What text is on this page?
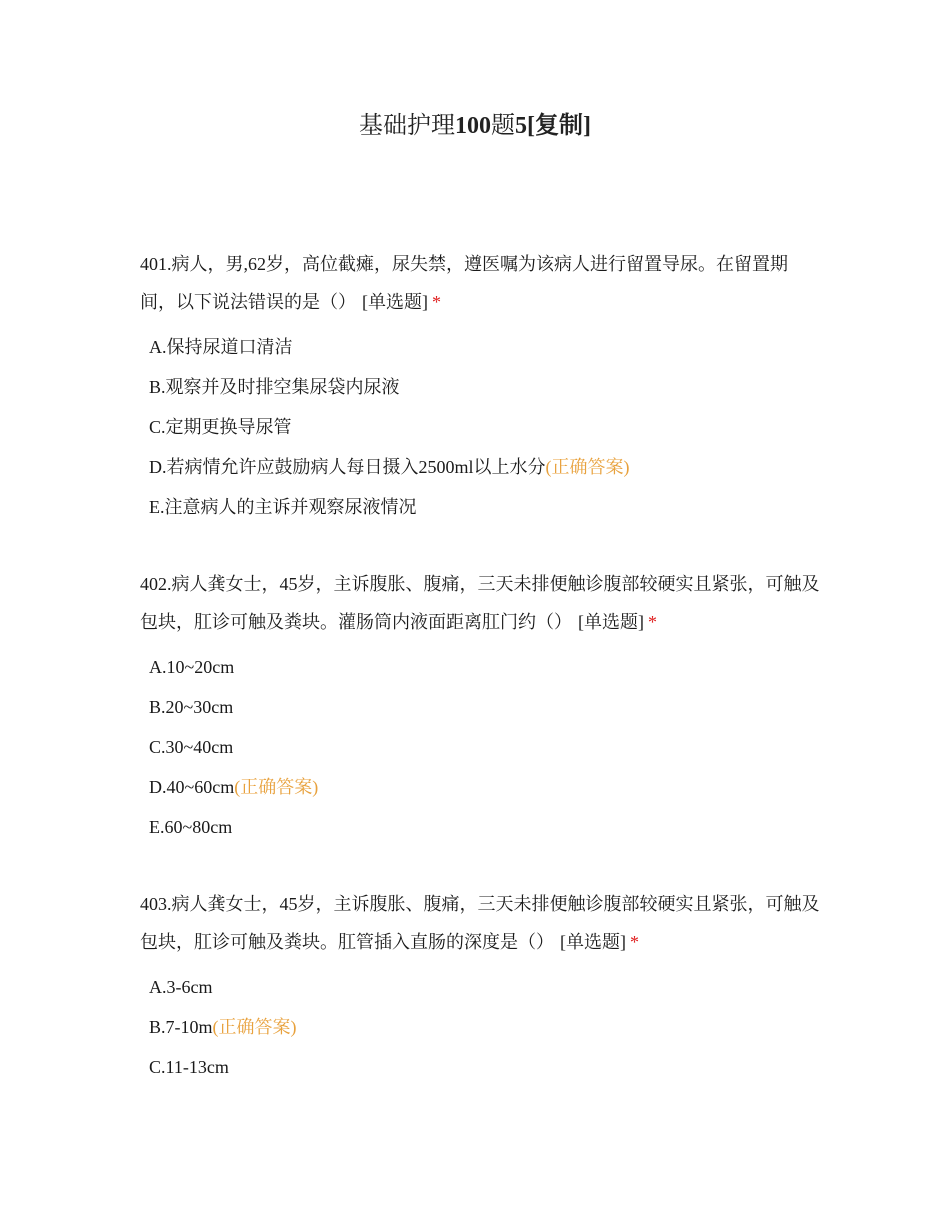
基础护理100题5[复制]

401.病人，男,62岁，高位截瘫，尿失禁，遵医嘱为该病人进行留置导尿。在留置期间，以下说法错误的是（） [单选题] *

A.保持尿道口清洁
B.观察并及时排空集尿袋内尿液
C.定期更换导尿管
D.若病情允许应鼓励病人每日摄入2500ml以上水分(正确答案)
E.注意病人的主诉并观察尿液情况

402.病人龚女士，45岁，主诉腹胀、腹痛，三天未排便触诊腹部较硬实且紧张，可触及包块，肛诊可触及粪块。灌肠筒内液面距离肛门约（） [单选题] *

A.10~20cm
B.20~30cm
C.30~40cm
D.40~60cm(正确答案)
E.60~80cm

403.病人龚女士，45岁，主诉腹胀、腹痛，三天未排便触诊腹部较硬实且紧张，可触及包块，肛诊可触及粪块。肛管插入直肠的深度是（） [单选题] *

A.3-6cm
B.7-10m(正确答案)
C.11-13cm
